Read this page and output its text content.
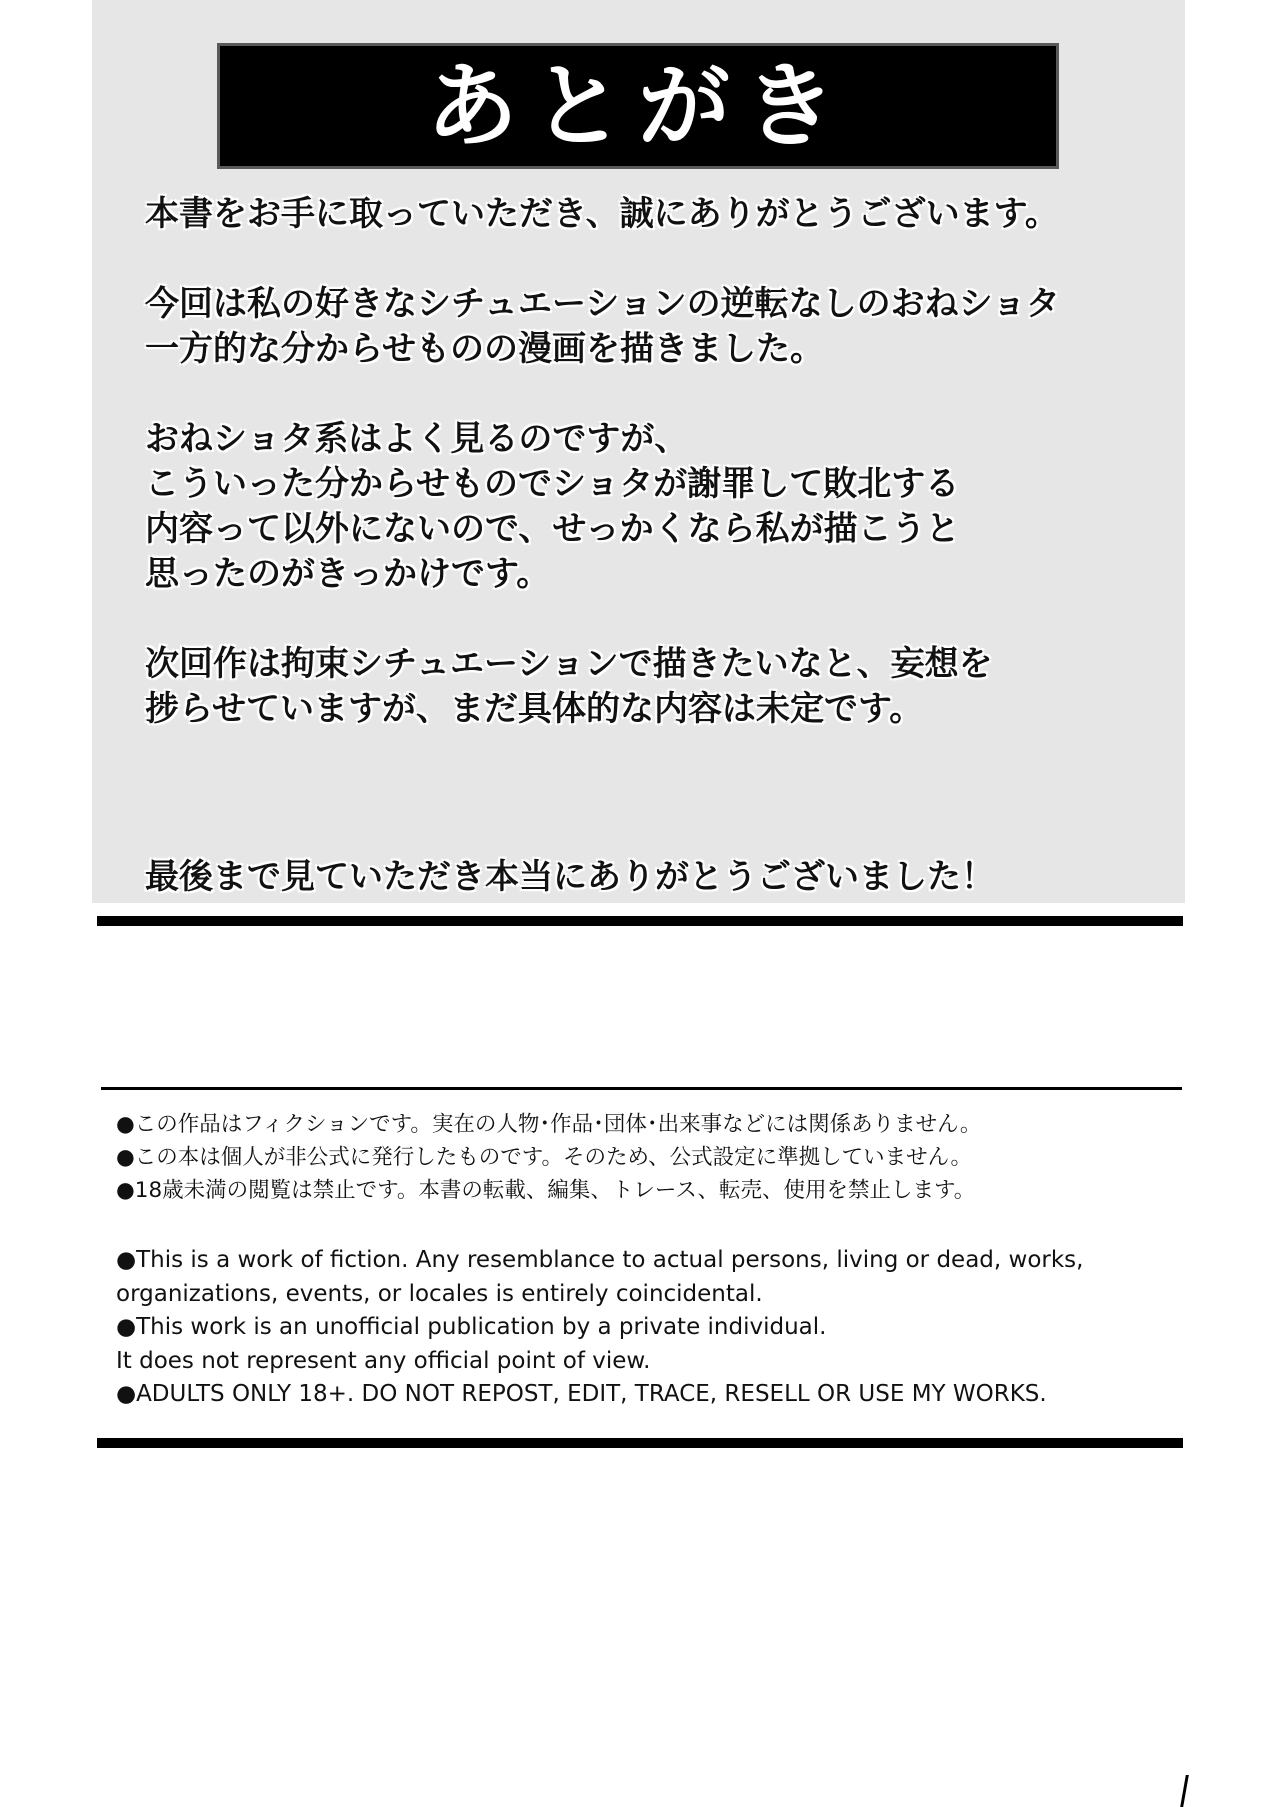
あとがき

本書をお手に取っていただき、誠にありがとうございます。

今回は私の好きなシチュエーションの逆転なしのおねショタ
一方的な分からせものの漫画を描きました。

おねショタ系はよく見るのですが、
こういった分からせものでショタが謝罪して敗北する
内容って以外にないので、せっかくなら私が描こうと
思ったのがきっかけです。

次回作は拘束シチュエーションで描きたいなと、妄想を
捗らせていますが、まだ具体的な内容は未定です。

最後まで見ていただき本当にありがとうございました！

●この作品はフィクションです。実在の人物･作品･団体･出来事などには関係ありません。
●この本は個人が非公式に発行したものです。そのため、公式設定に準拠していません。
●18歳未満の閲覧は禁止です。本書の転載、編集、トレース、転売、使用を禁止します。
●This is a work of fiction. Any resemblance to actual persons, living or dead, works,
organizations, events, or locales is entirely coincidental.
●This work is an unofficial publication by a private individual.
It does not represent any official point of view.
●ADULTS ONLY 18+. DO NOT REPOST, EDIT, TRACE, RESELL OR USE MY WORKS.
